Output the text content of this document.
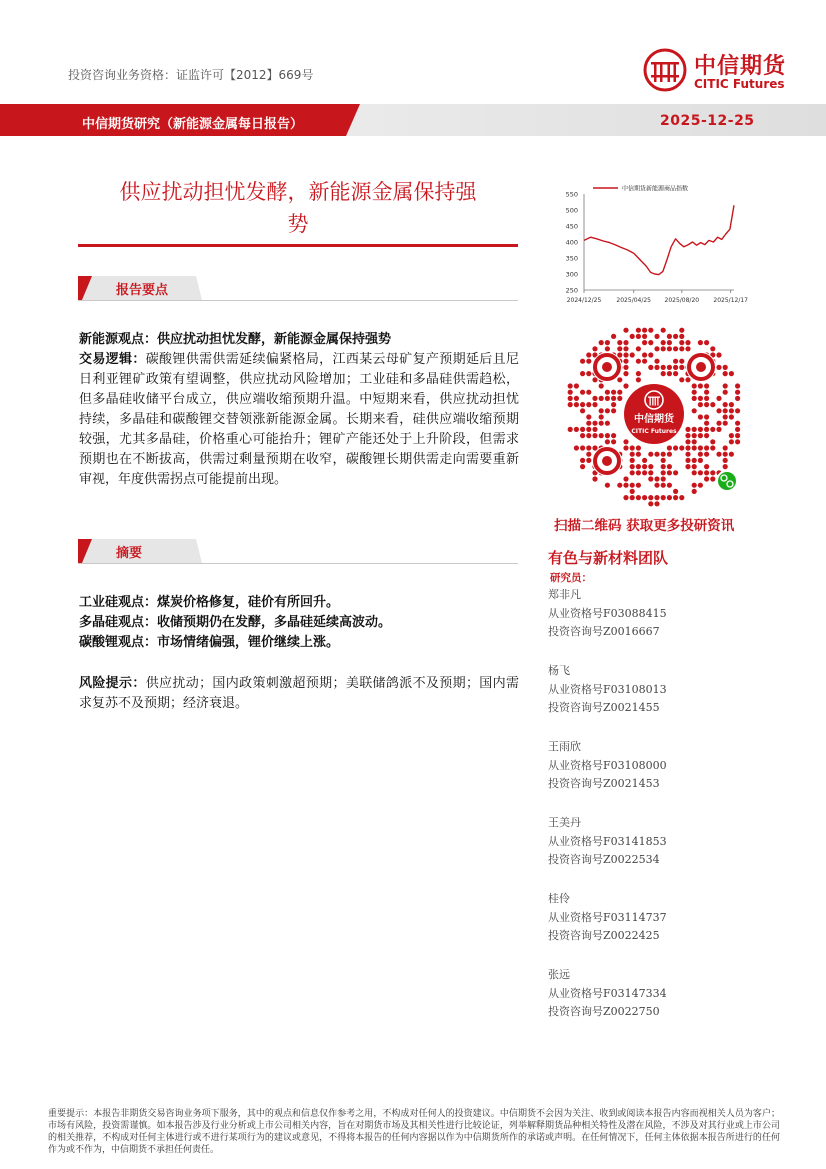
投资咨询业务资格：证监许可【2012】669号	中信期货
CITIC Futures
中信期货研究（新能源金属每日报告）	2025-12-25
供应扰动担忧发酵，新能源金属保持强
势
报告要点
新能源观点：供应扰动担忧发酵，新能源金属保持强势
交易逻辑：碳酸锂供需供需延续偏紧格局，江西某云母矿复产预期延后且尼日利亚锂矿政策有望调整，供应扰动风险增加；工业硅和多晶硅供需趋松，但多晶硅收储平台成立，供应端收缩预期升温。中短期来看，供应扰动担忧持续，多晶硅和碳酸锂交替领涨新能源金属。长期来看，硅供应端收缩预期较强，尤其多晶硅，价格重心可能抬升；锂矿产能还处于上升阶段，但需求预期也在不断拔高，供需过剩量预期在收窄，碳酸锂长期供需走向需要重新审视，年度供需拐点可能提前出现。
摘要
工业硅观点：煤炭价格修复，硅价有所回升。
多晶硅观点：收储预期仍在发酵，多晶硅延续高波动。
碳酸锂观点：市场情绪偏强，锂价继续上涨。
风险提示：供应扰动；国内政策刺激超预期；美联储鸽派不及预期；国内需求复苏不及预期；经济衰退。
250
300
350
400
450
500
550
2024/12/25	2025/04/25 2025/08/20 2025/12/17
中信期货新能源商品指数
中信期货
CITIC Futures
扫描二维码 获取更多投研资讯
有色与新材料团队
研究员：
郑非凡
从业资格号F03088415
投资咨询号Z0016667
杨飞
从业资格号F03108013
投资咨询号Z0021455
王雨欣
从业资格号F03108000
投资咨询号Z0021453
王美丹
从业资格号F03141853
投资咨询号Z0022534
桂伶
从业资格号F03114737
投资咨询号Z0022425
张远
从业资格号F03147334
投资咨询号Z0022750
重要提示：本报告非期货交易咨询业务项下服务，其中的观点和信息仅作参考之用，不构成对任何人的投资建议。中信期货不会因为关注、收到或阅读本报告内容而视相关人员为客户；市场有风险，投资需谨慎。如本报告涉及行业分析或上市公司相关内容，旨在对期货市场及其相关性进行比较论证，列举解释期货品种相关特性及潜在风险，不涉及对其行业或上市公司的相关推荐，不构成对任何主体进行或不进行某项行为的建议或意见，不得将本报告的任何内容据以作为中信期货所作的承诺或声明。在任何情况下，任何主体依据本报告所进行的任何作为或不作为，中信期货不承担任何责任。
